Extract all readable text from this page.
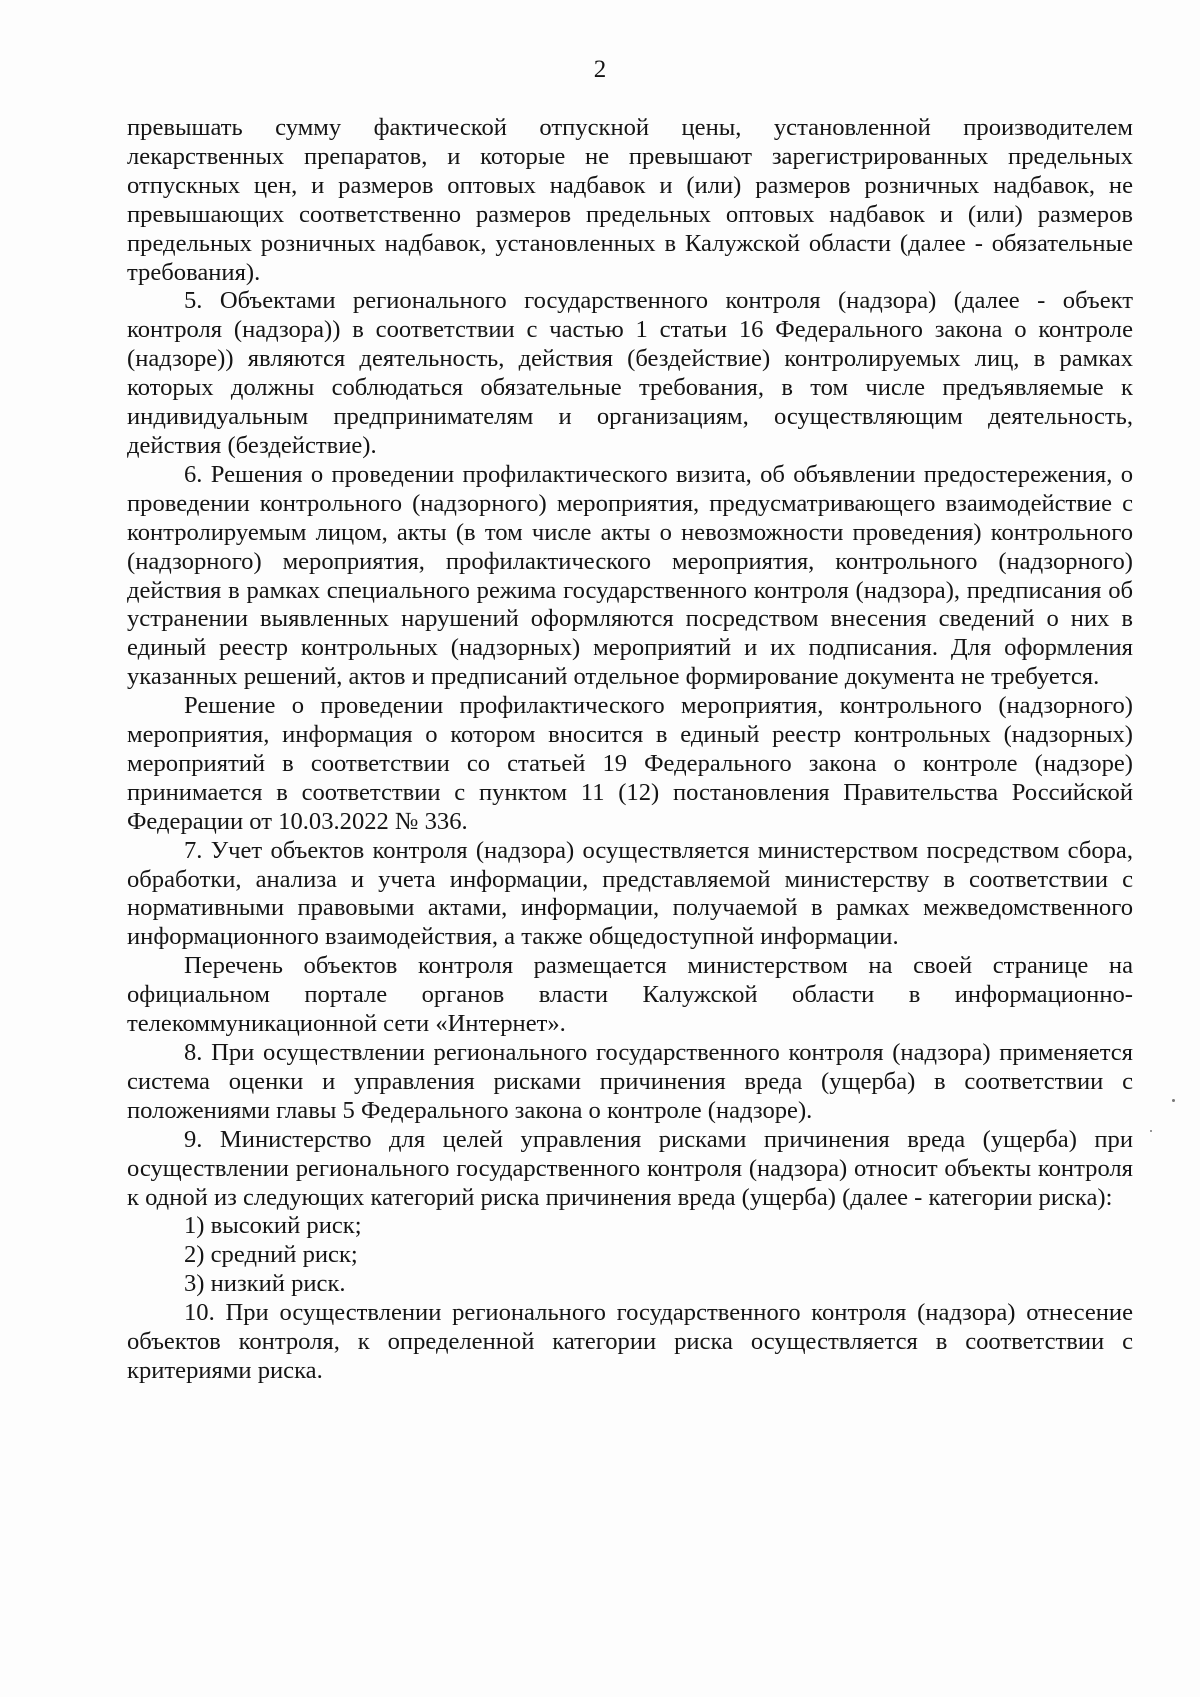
2

превышать сумму фактической отпускной цены, установленной производителем лекарственных препаратов, и которые не превышают зарегистрированных предельных отпускных цен, и размеров оптовых надбавок и (или) размеров розничных надбавок, не превышающих соответственно размеров предельных оптовых надбавок и (или) размеров предельных розничных надбавок, установленных в Калужской области (далее - обязательные требования).

5. Объектами регионального государственного контроля (надзора) (далее - объект контроля (надзора)) в соответствии с частью 1 статьи 16 Федерального закона о контроле (надзоре)) являются деятельность, действия (бездействие) контролируемых лиц, в рамках которых должны соблюдаться обязательные требования, в том числе предъявляемые к индивидуальным предпринимателям и организациям, осуществляющим деятельность, действия (бездействие).

6. Решения о проведении профилактического визита, об объявлении предостережения, о проведении контрольного (надзорного) мероприятия, предусматривающего взаимодействие с контролируемым лицом, акты (в том числе акты о невозможности проведения) контрольного (надзорного) мероприятия, профилактического мероприятия, контрольного (надзорного) действия в рамках специального режима государственного контроля (надзора), предписания об устранении выявленных нарушений оформляются посредством внесения сведений о них в единый реестр контрольных (надзорных) мероприятий и их подписания. Для оформления указанных решений, актов и предписаний отдельное формирование документа не требуется.

Решение о проведении профилактического мероприятия, контрольного (надзорного) мероприятия, информация о котором вносится в единый реестр контрольных (надзорных) мероприятий в соответствии со статьей 19 Федерального закона о контроле (надзоре) принимается в соответствии с пунктом 11 (12) постановления Правительства Российской Федерации от 10.03.2022 № 336.

7. Учет объектов контроля (надзора) осуществляется министерством посредством сбора, обработки, анализа и учета информации, представляемой министерству в соответствии с нормативными правовыми актами, информации, получаемой в рамках межведомственного информационного взаимодействия, а также общедоступной информации.

Перечень объектов контроля размещается министерством на своей странице на официальном портале органов власти Калужской области в информационно-телекоммуникационной сети «Интернет».

8. При осуществлении регионального государственного контроля (надзора) применяется система оценки и управления рисками причинения вреда (ущерба) в соответствии с положениями главы 5 Федерального закона о контроле (надзоре).

9. Министерство для целей управления рисками причинения вреда (ущерба) при осуществлении регионального государственного контроля (надзора) относит объекты контроля к одной из следующих категорий риска причинения вреда (ущерба) (далее - категории риска):

1) высокий риск;

2) средний риск;

3) низкий риск.

10. При осуществлении регионального государственного контроля (надзора) отнесение объектов контроля, к определенной категории риска осуществляется в соответствии с критериями риска.
